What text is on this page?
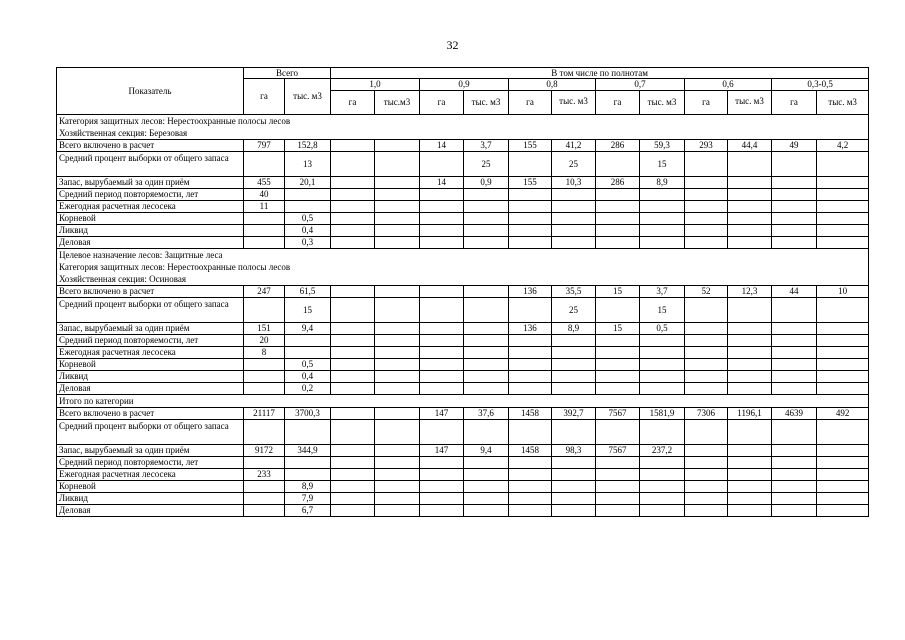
32
Показатель	Всего		В том числе по полнотам											
	га	тыс. м3	1,0		0,9		0,8		0,7		0,6		0,3-0,5	
			га	тыс.м3	га	тыс. м3	га	тыс. м3	га	тыс. м3	га	тыс. м3	га	тыс. м3

Категория защитных лесов: Нерестоохранные полосы лесов
Хозяйственная секция: Березовая														

Всего включено в расчет	797	152,8			14	3,7	155	41,2	286	59,3	293	44,4	49	4,2
Средний процент выборки от общего запаса		13				25		25		15				
Запас, вырубаемый за один приём	455	20,1			14	0,9	155	10,3	286	8,9				
Средний период повторяемости, лет	40													
Ежегодная расчетная лесосека	11													
Корневой		0,5												
Ликвид		0,4												
Деловая		0,3												

Целевое назначение лесов: Защитные леса
Категория защитных лесов: Нерестоохранные полосы лесов
Хозяйственная секция: Осиновая														

Всего включено в расчет	247	61,5					136	35,5	15	3,7	52	12,3	44	10
Средний процент выборки от общего запаса		15						25		15				
Запас, вырубаемый за один приём	151	9,4					136	8,9	15	0,5				
Средний период повторяемости, лет	20													
Ежегодная расчетная лесосека	8													
Корневой		0,5												
Ликвид		0,4												
Деловая		0,2												

Итого по категории														

Всего включено в расчет	21117	3700,3			147	37,6	1458	392,7	7567	1581,9	7306	1196,1	4639	492
Средний процент выборки от общего запаса														
Запас, вырубаемый за один приём	9172	344,9			147	9,4	1458	98,3	7567	237,2				
Средний период повторяемости, лет														
Ежегодная расчетная лесосека	233													
Корневой		8,9												
Ликвид		7,9												
Деловая		6,7												
